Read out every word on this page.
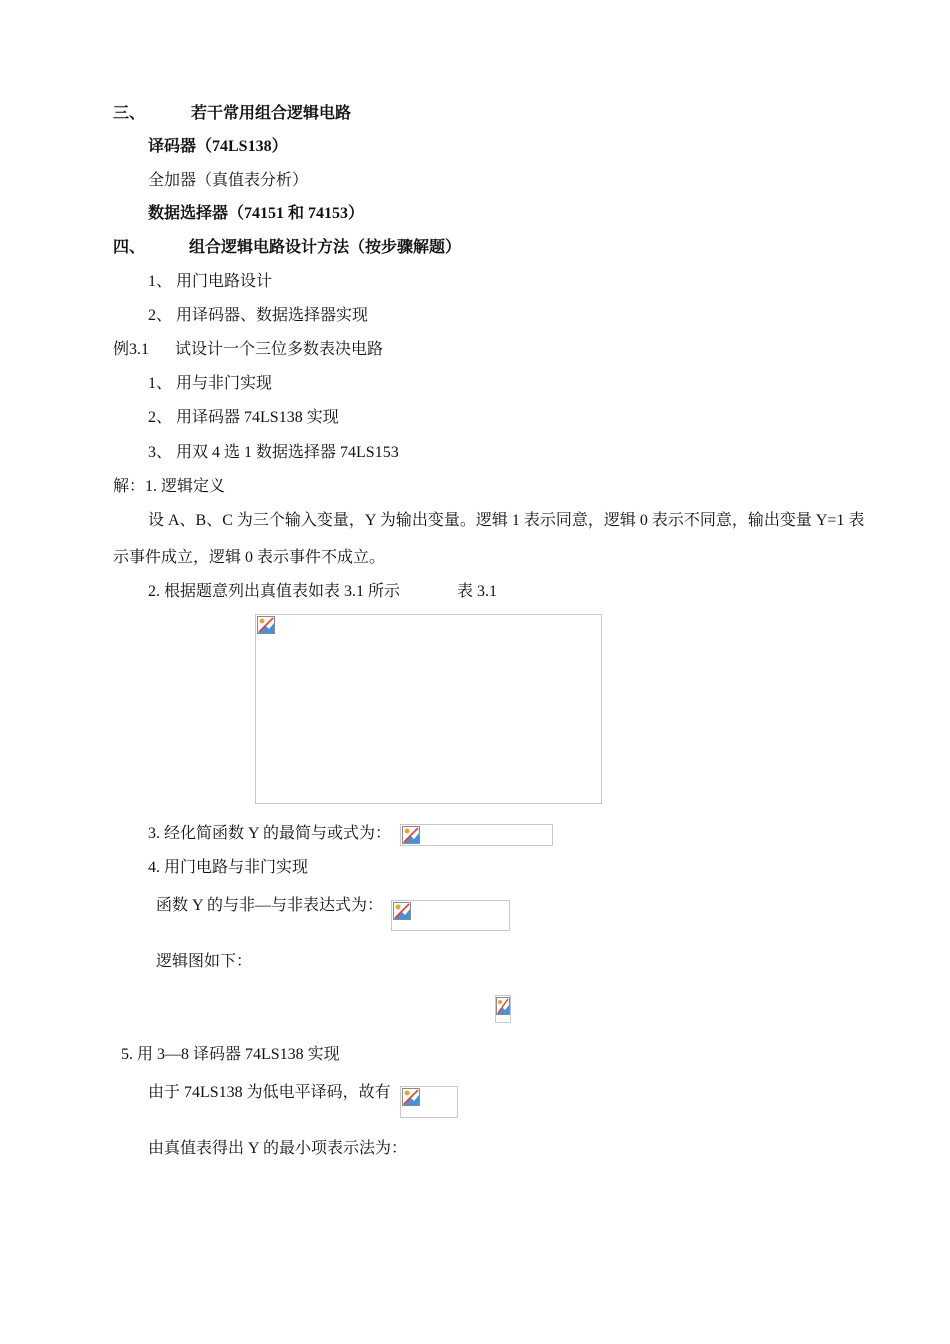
三、	若干常用组合逻辑电路
译码器（74LS138）
全加器（真值表分析）
数据选择器（74151 和 74153）
四、	组合逻辑电路设计方法（按步骤解题）
1、 用门电路设计
2、 用译码器、数据选择器实现
例3.1 试设计一个三位多数表决电路
1、 用与非门实现
2、 用译码器 74LS138 实现
3、 用双 4 选 1 数据选择器 74LS153
解：1. 逻辑定义
设 A、B、C 为三个输入变量，Y 为输出变量。逻辑 1 表示同意，逻辑 0 表示不同意，输出变量 Y=1 表
示事件成立，逻辑 0 表示事件不成立。
2. 根据题意列出真值表如表 3.1 所示	表 3.1
3. 经化简函数 Y 的最简与或式为：
4. 用门电路与非门实现
函数 Y 的与非—与非表达式为：
逻辑图如下：
5. 用 3—8 译码器 74LS138 实现
由于 74LS138 为低电平译码，故有
由真值表得出 Y 的最小项表示法为：
